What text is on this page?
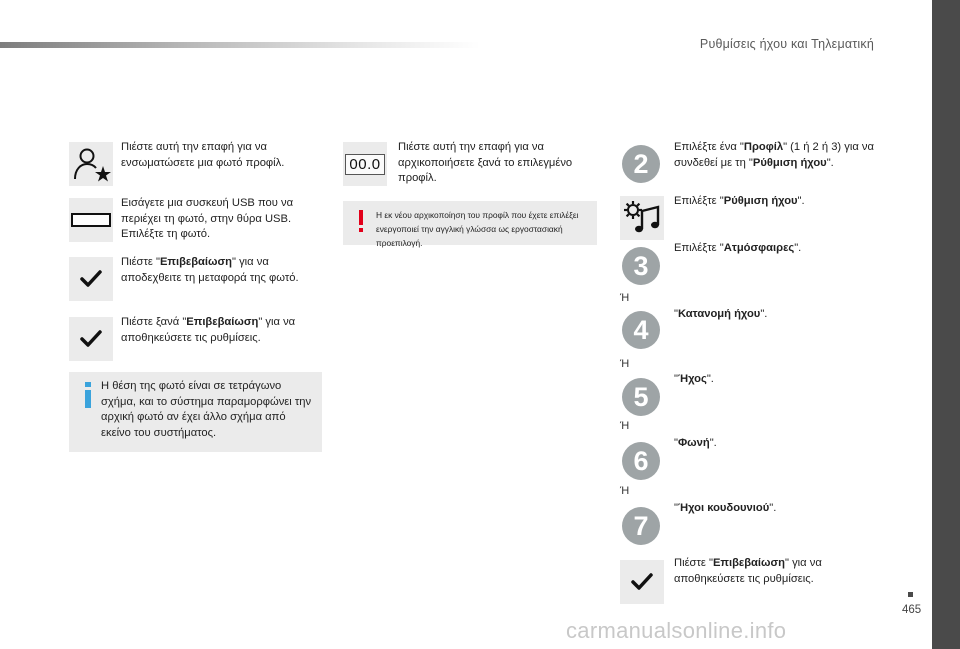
Ρυθμίσεις ήχου και Τηλεματική
Πιέστε αυτή την επαφή για να ενσωματώσετε μια φωτό προφίλ.
Εισάγετε μια συσκευή USB που να περιέχει τη φωτό, στην θύρα USB. Επιλέξτε τη φωτό.
Πιέστε "Επιβεβαίωση" για να αποδεχθειτε τη μεταφορά της φωτό.
Πιέστε ξανά "Επιβεβαίωση" για να αποθηκεύσετε τις ρυθμίσεις.
Η θέση της φωτό είναι σε τετράγωνο σχήμα, και το σύστημα παραμορφώνει την αρχική φωτό αν έχει άλλο σχήμα από εκείνο του συστήματος.
00.0
Πιέστε αυτή την επαφή για να αρχικοποιήσετε ξανά το επιλεγμένο προφίλ.
Η εκ νέου αρχικοποίηση του προφίλ που έχετε επιλέξει ενεργοποιεί την αγγλική γλώσσα ως εργοστασιακή προεπιλογή.
2
Επιλέξτε ένα "Προφίλ" (1 ή 2 ή 3) για να συνδεθεί με τη "Ρύθμιση ήχου".
Επιλέξτε "Ρύθμιση ήχου".
3
Επιλέξτε "Ατμόσφαιρες".
Ή
4
"Κατανομή ήχου".
Ή
5
"Ήχος".
Ή
6
"Φωνή".
Ή
7
"Ήχοι κουδουνιού".
Πιέστε "Επιβεβαίωση" για να αποθηκεύσετε τις ρυθμίσεις.
465
carmanualsonline.info
